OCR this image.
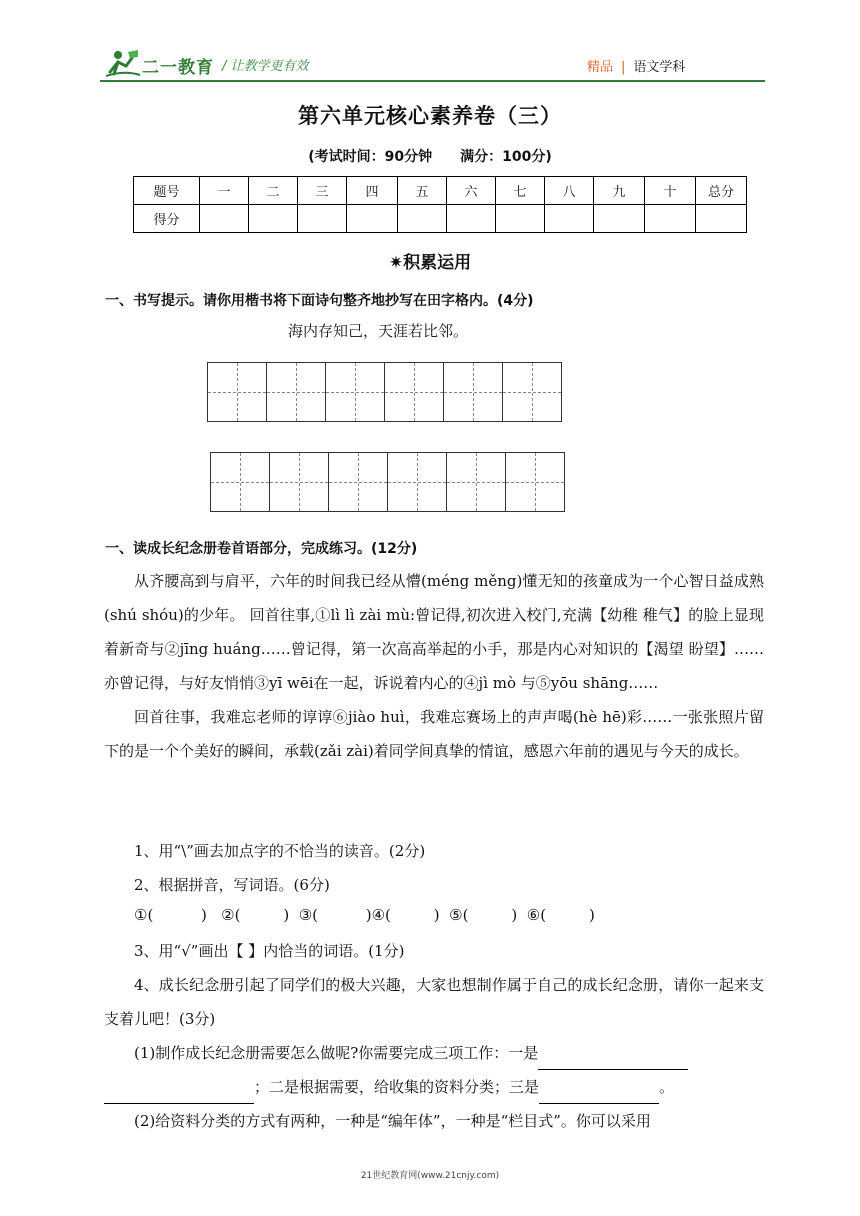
二一教育 / 让教学更有效	精品 | 语文学科
第六单元核心素养卷（三）
(考试时间：90分钟 满分：100分)
题号	一	二	三	四	五	六	七	八	九	十	总分
得分											
✷积累运用
一、书写提示。请你用楷书将下面诗句整齐地抄写在田字格内。(4分)
海内存知己，天涯若比邻。
一、读成长纪念册卷首语部分，完成练习。(12分)

从齐腰高到与肩平，六年的时间我已经从懵(méng měng)懂无知的孩童成为一个心智日益成熟(shú shóu)的少年。 回首往事,①lì lì zài mù:曾记得,初次进入校门,充满【幼稚 稚气】的脸上显现着新奇与②jīng huáng……曾记得，第一次高高举起的小手，那是内心对知识的【渴望 盼望】……亦曾记得，与好友悄悄③yī wēi在一起，诉说着内心的④jì mò 与⑤yōu shāng……

回首往事，我难忘老师的谆谆⑥jiào huì，我难忘赛场上的声声喝(hè hē)彩……一张张照片留下的是一个个美好的瞬间，承载(zǎi zài)着同学间真挚的情谊，感恩六年前的遇见与今天的成长。

1、用“\”画去加点字的不恰当的读音。(2分)
2、根据拼音，写词语。(6分)
①(          )   ②(         )  ③(          )④(         )  ⑤(         )  ⑥(         )
3、用“√”画出【 】内恰当的词语。(1分)

4、成长纪念册引起了同学们的极大兴趣，大家也想制作属于自己的成长纪念册，请你一起来支支着儿吧！(3分)

(1)制作成长纪念册需要怎么做呢?你需要完成三项工作：一是
；二是根据需要，给收集的资料分类；三是	。
(2)给资料分类的方式有两种，一种是“编年体”，一种是“栏目式”。你可以采用
21世纪教育网(www.21cnjy.com)
